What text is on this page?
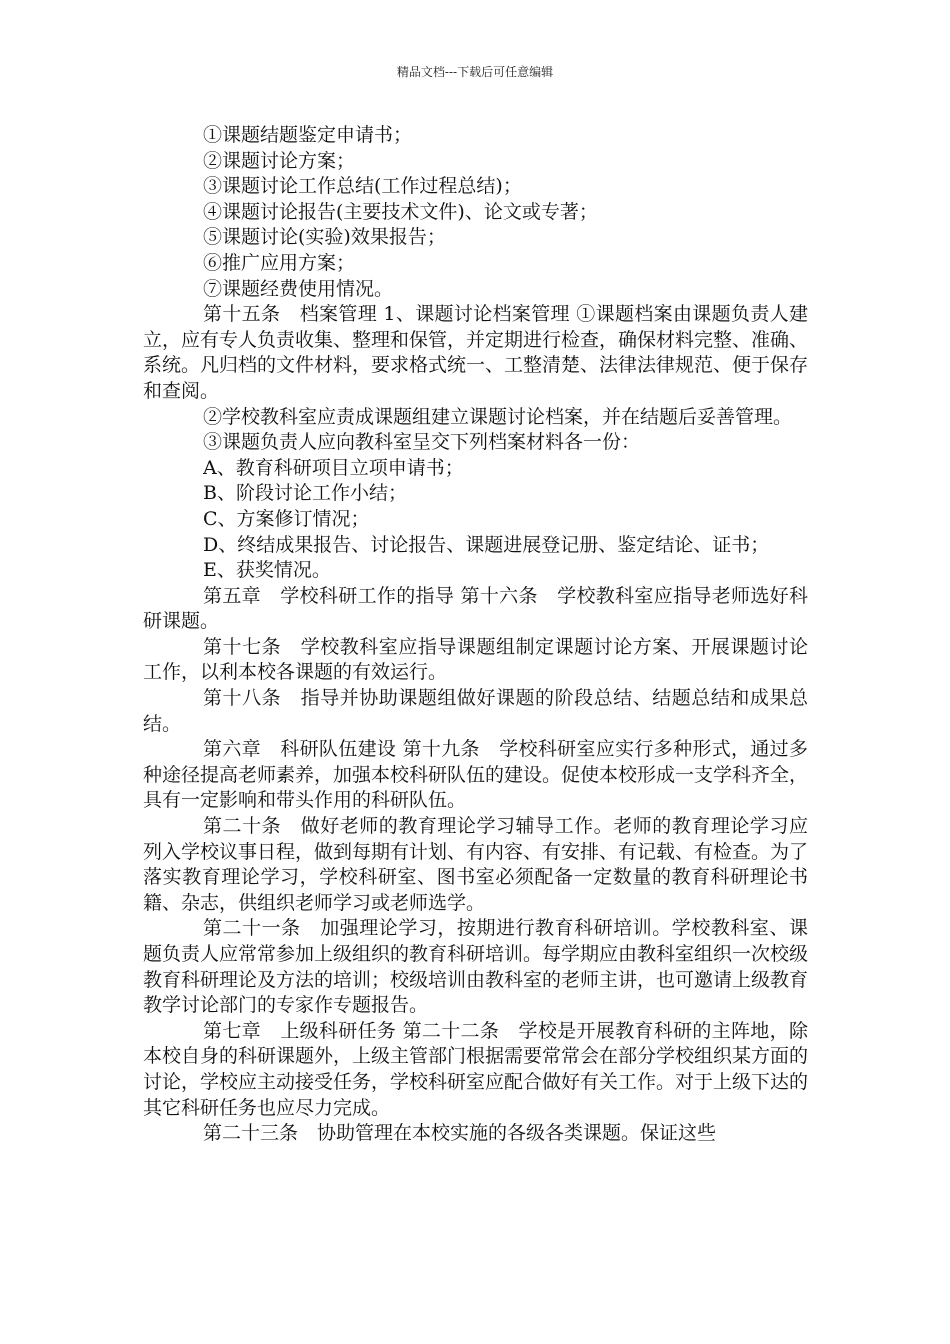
精品文档---下载后可任意编辑

①课题结题鉴定申请书；

②课题讨论方案；

③课题讨论工作总结(工作过程总结)；

④课题讨论报告(主要技术文件)、论文或专著；

⑤课题讨论(实验)效果报告；

⑥推广应用方案；

⑦课题经费使用情况。

第十五条　档案管理 1、课题讨论档案管理 ①课题档案由课题负责人建立，应有专人负责收集、整理和保管，并定期进行检查，确保材料完整、准确、系统。凡归档的文件材料，要求格式统一、工整清楚、法律法律规范、便于保存和查阅。

②学校教科室应责成课题组建立课题讨论档案，并在结题后妥善管理。

③课题负责人应向教科室呈交下列档案材料各一份：

A、教育科研项目立项申请书；

B、阶段讨论工作小结；

C、方案修订情况；

D、终结成果报告、讨论报告、课题进展登记册、鉴定结论、证书；

E、获奖情况。

第五章　学校科研工作的指导 第十六条　学校教科室应指导老师选好科研课题。

第十七条　学校教科室应指导课题组制定课题讨论方案、开展课题讨论工作，以利本校各课题的有效运行。

第十八条　指导并协助课题组做好课题的阶段总结、结题总结和成果总结。

第六章　科研队伍建设 第十九条　学校科研室应实行多种形式，通过多种途径提高老师素养，加强本校科研队伍的建设。促使本校形成一支学科齐全，具有一定影响和带头作用的科研队伍。

第二十条　做好老师的教育理论学习辅导工作。老师的教育理论学习应列入学校议事日程，做到每期有计划、有内容、有安排、有记载、有检查。为了落实教育理论学习，学校科研室、图书室必须配备一定数量的教育科研理论书籍、杂志，供组织老师学习或老师选学。

第二十一条　加强理论学习，按期进行教育科研培训。学校教科室、课题负责人应常常参加上级组织的教育科研培训。每学期应由教科室组织一次校级教育科研理论及方法的培训；校级培训由教科室的老师主讲，也可邀请上级教育教学讨论部门的专家作专题报告。

第七章　上级科研任务 第二十二条　学校是开展教育科研的主阵地，除本校自身的科研课题外，上级主管部门根据需要常常会在部分学校组织某方面的讨论，学校应主动接受任务，学校科研室应配合做好有关工作。对于上级下达的其它科研任务也应尽力完成。

第二十三条　协助管理在本校实施的各级各类课题。保证这些
